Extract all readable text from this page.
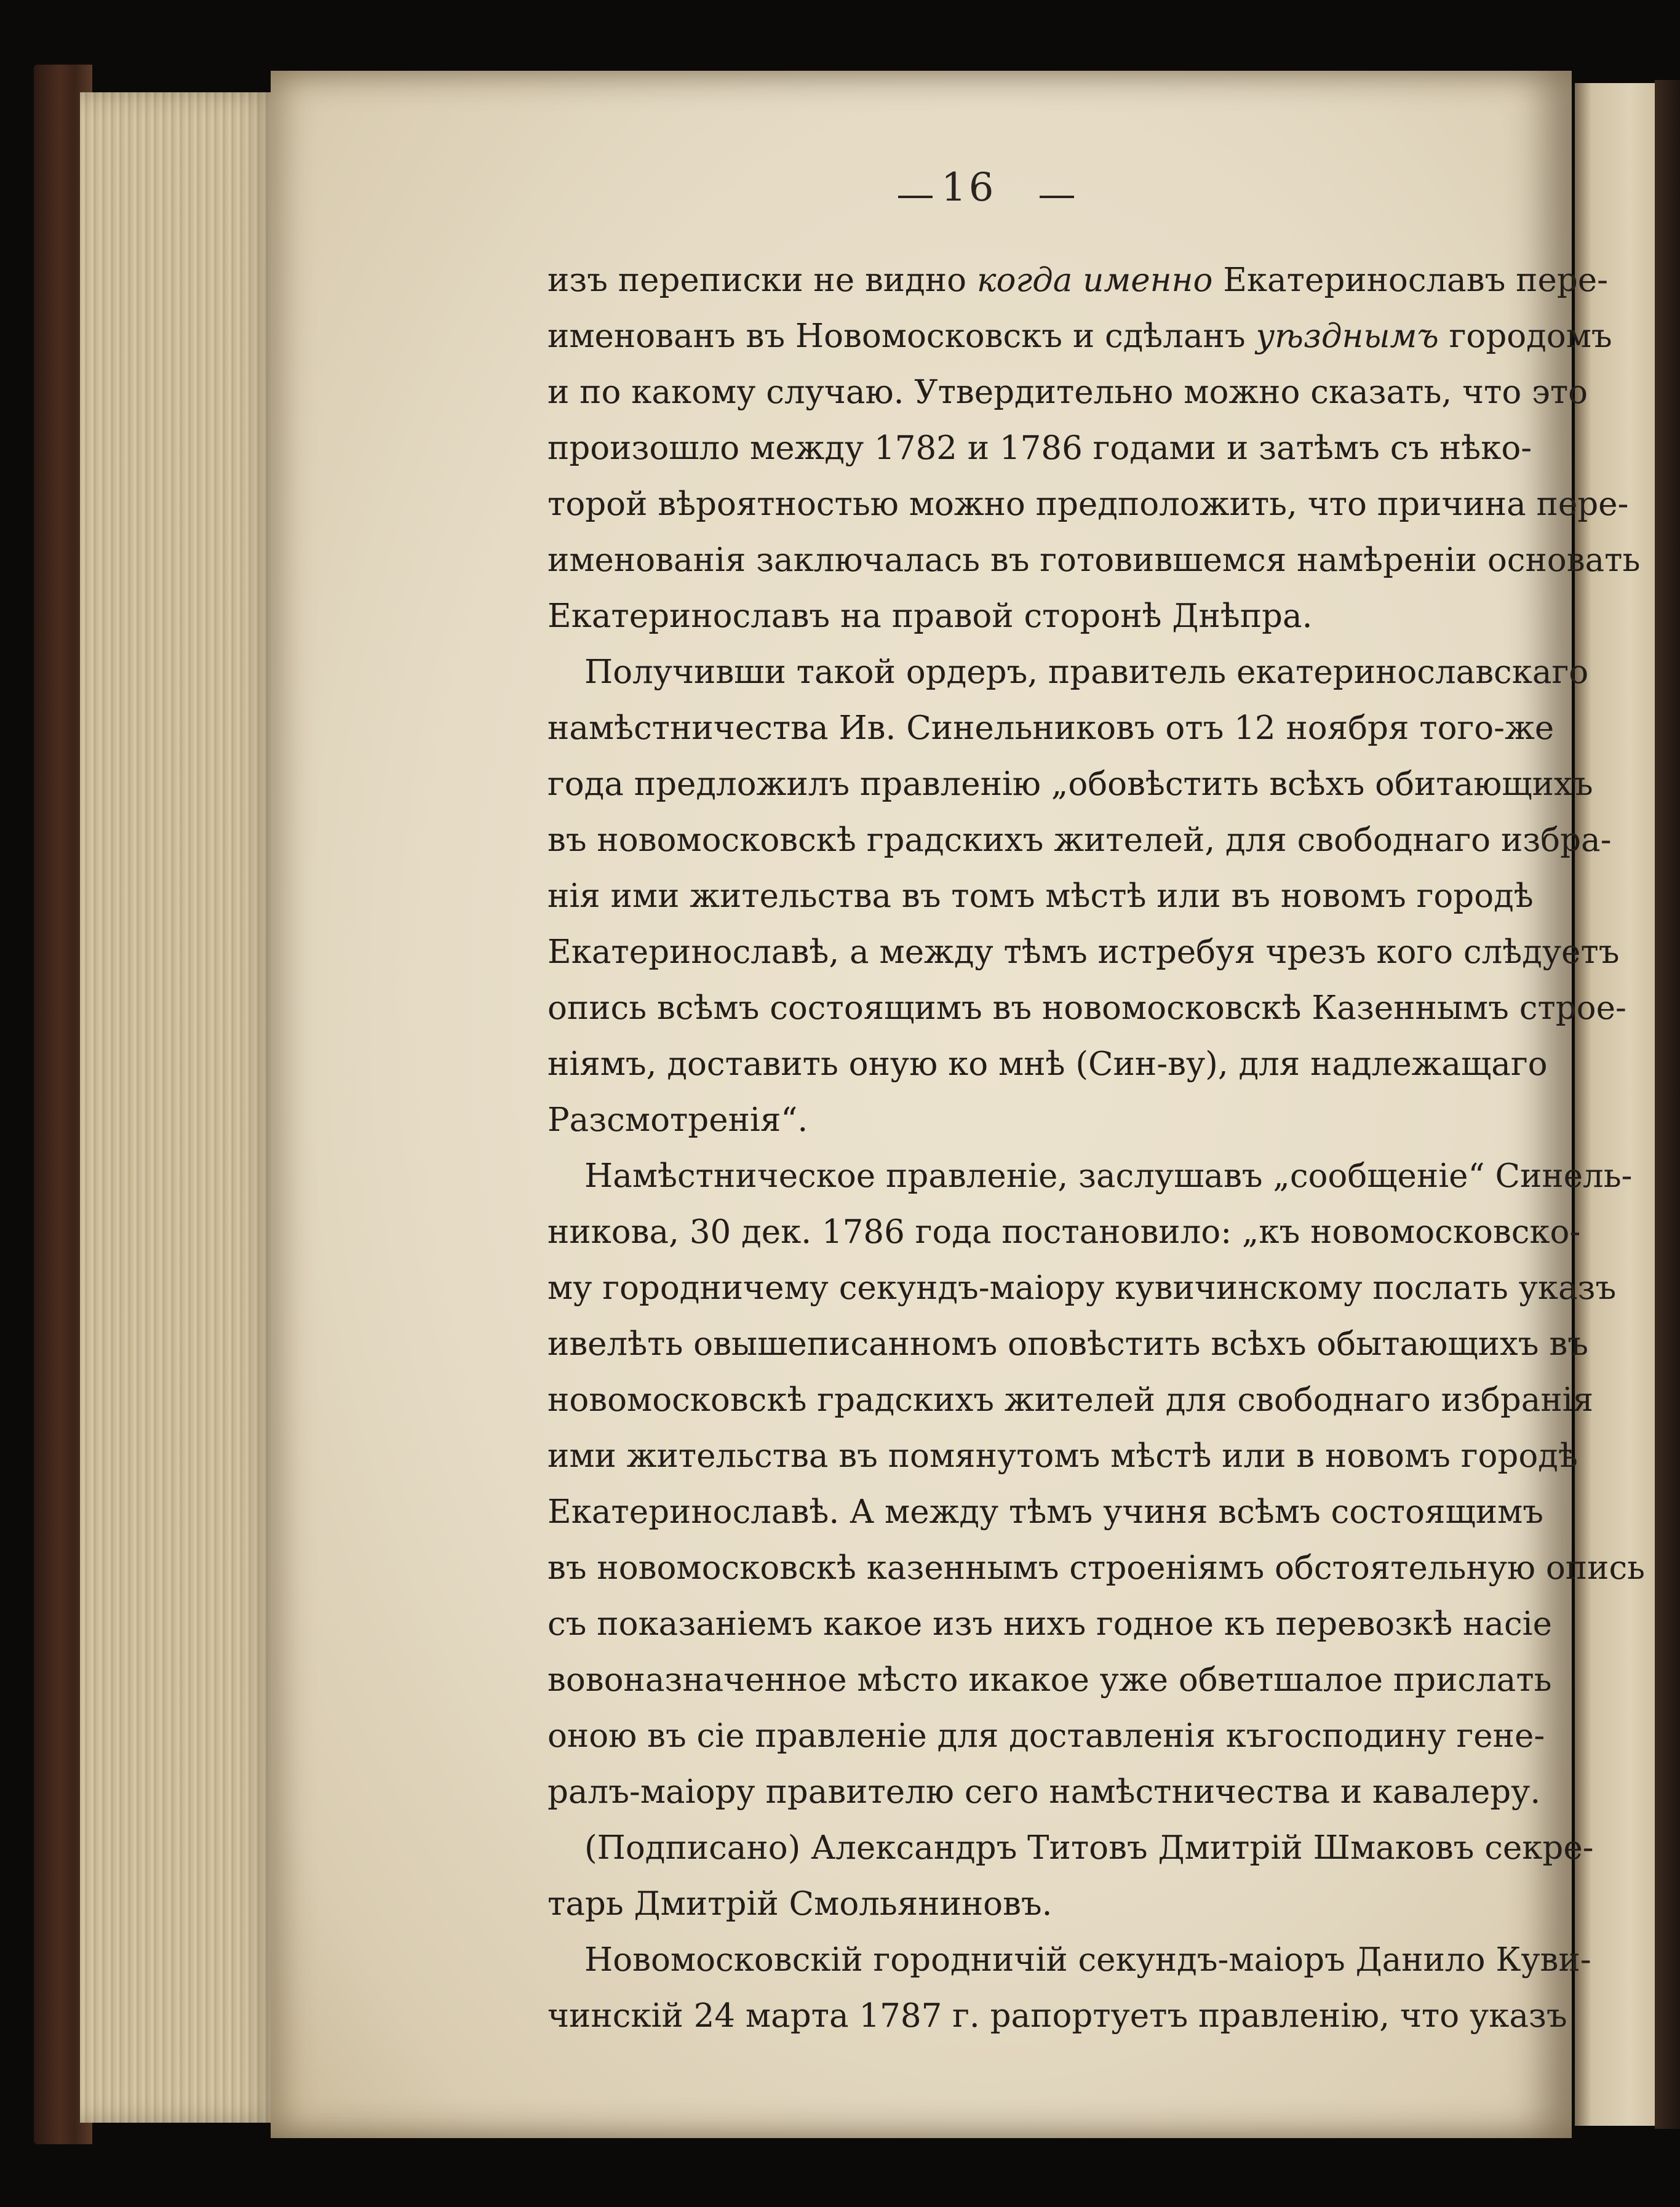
16
изъ переписки не видно когда именно Екатеринославъ пере-
именованъ въ Новомосковскъ и сдѣланъ уѣзднымъ городомъ
и по какому случаю. Утвердительно можно сказать, что это
произошло между 1782 и 1786 годами и затѣмъ съ нѣко-
торой вѣроятностью можно предположить, что причина пере-
именованія заключалась въ готовившемся намѣреніи основать
Екатеринославъ на правой сторонѣ Днѣпра.
Получивши такой ордеръ, правитель екатеринославскаго
намѣстничества Ив. Синельниковъ отъ 12 ноября того-же
года предложилъ правленію „обовѣстить всѣхъ обитающихъ
въ новомосковскѣ градскихъ жителей, для свободнаго избра-
нія ими жительства въ томъ мѣстѣ или въ новомъ городѣ
Екатеринославѣ, а между тѣмъ истребуя чрезъ кого слѣдуетъ
опись всѣмъ состоящимъ въ новомосковскѣ Казеннымъ строе-
ніямъ, доставить оную ко мнѣ (Син-ву), для надлежащаго
Разсмотренія“.
Намѣстническое правленіе, заслушавъ „сообщеніе“ Синель-
никова, 30 дек. 1786 года постановило: „къ новомосковско-
му городничему секундъ-маіору кувичинскому послать указъ
ивелѣть овышеписанномъ оповѣстить всѣхъ обытающихъ въ
новомосковскѣ градскихъ жителей для свободнаго избранія
ими жительства въ помянутомъ мѣстѣ или в новомъ городѣ
Екатеринославѣ. А между тѣмъ учиня всѣмъ состоящимъ
въ новомосковскѣ казеннымъ строеніямъ обстоятельную опись
съ показаніемъ какое изъ нихъ годное къ перевозкѣ насіе
вовоназначенное мѣсто икакое уже обветшалое прислать
оною въ сіе правленіе для доставленія къгосподину гене-
ралъ-маіору правителю сего намѣстничества и кавалеру.
(Подписано) Александръ Титовъ Дмитрій Шмаковъ секре-
тарь Дмитрій Смольяниновъ.
Новомосковскій городничій секундъ-маіоръ Данило Куви-
чинскій 24 марта 1787 г. рапортуетъ правленію, что указъ
